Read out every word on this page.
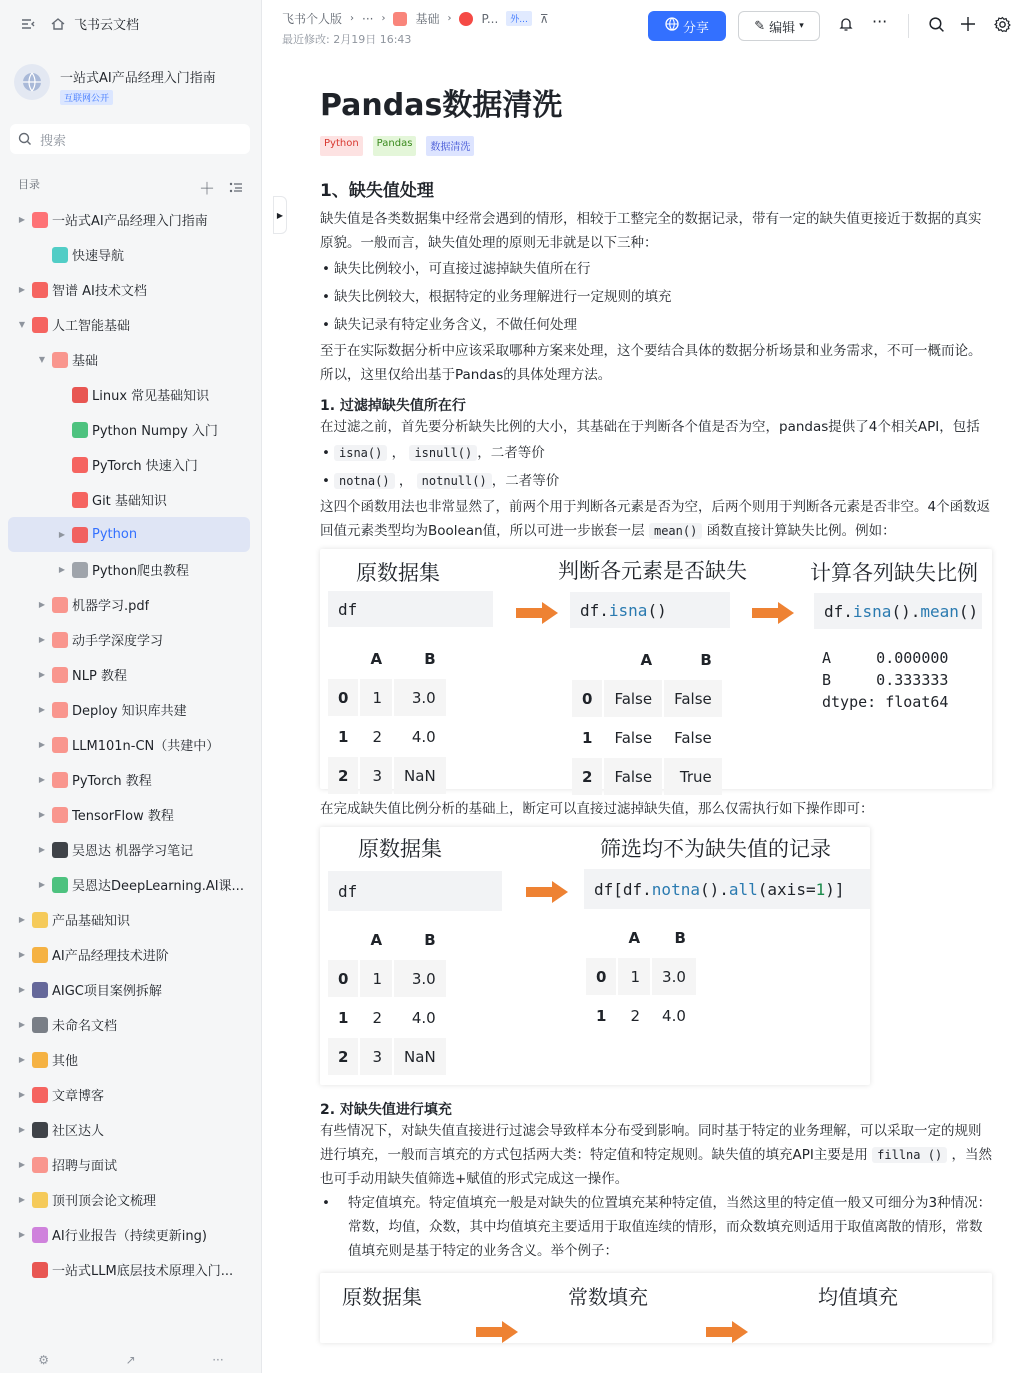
飞书云文档
一站式AI产品经理入门指南
互联网公开
搜索
目录	＋
▶ 一站式AI产品经理入门指南
快速导航
▶ 智谱 AI技术文档
▼ 人工智能基础
▼ 基础
Linux 常见基础知识
Python Numpy 入门
PyTorch 快速入门
Git 基础知识
▶ Python
▶ Python爬虫教程
▶ 机器学习.pdf
▶ 动手学深度学习
▶ NLP 教程
▶ Deploy 知识库共建
▶ LLM101n-CN（共建中）
▶ PyTorch 教程
▶ TensorFlow 教程
▶ 吴恩达 机器学习笔记
▶ 吴恩达DeepLearning.AI课...
▶ 产品基础知识
▶ AI产品经理技术进阶
▶ AIGC项目案例拆解
▶ 未命名文档
▶ 其他
▶ 文章博客
▶ 社区达人
▶ 招聘与面试
▶ 顶刊顶会论文梳理
▶ AI行业报告（持续更新ing)
一站式LLM底层技术原理入门...
⚙	↗	···
▶
飞书个人版 › ··· ›	基础 ›	P...	外...	⊼
最近修改: 2月19日 16:43
分享	✎ 编辑 ▾	···
Pandas数据清洗
Python	Pandas	数据清洗
1、缺失值处理

缺失值是各类数据集中经常会遇到的情形，相较于工整完全的数据记录，带有一定的缺失值更接近于数据的真实原貌。一般而言，缺失值处理的原则无非就是以下三种：

• 缺失比例较小，可直接过滤掉缺失值所在行
• 缺失比例较大，根据特定的业务理解进行一定规则的填充
• 缺失记录有特定业务含义，不做任何处理

至于在实际数据分析中应该采取哪种方案来处理，这个要结合具体的数据分析场景和业务需求，不可一概而论。所以，这里仅给出基于Pandas的具体处理方法。

1. 过滤掉缺失值所在行

在过滤之前，首先要分析缺失比例的大小，其基础在于判断各个值是否为空，pandas提供了4个相关API，包括

• isna() ， isnull() ，二者等价
• notna() ， notnull() ，二者等价

这四个函数用法也非常显然了，前两个用于判断各元素是否为空，后两个则用于判断各元素是否非空。4个函数返回值元素类型均为Boolean值，所以可进一步嵌套一层 mean() 函数直接计算缺失比例。例如：

原数据集	判断各元素是否缺失	计算各列缺失比例
df	df. isna ()	df. isna (). mean ()
	A	B
0	1	3.0
1	2	4.0
2	3	NaN
	A	B
0	False	False
1	False	False
2	False	True
A     0.000000
B     0.333333
dtype: float64

在完成缺失值比例分析的基础上，断定可以直接过滤掉缺失值，那么仅需执行如下操作即可：

原数据集	筛选均不为缺失值的记录
df	df[df. notna (). all (axis= 1 )]
	A	B
0	1	3.0
1	2	4.0
2	3	NaN
	A	B
0	1	3.0
1	2	4.0
2. 对缺失值进行填充

有些情况下，对缺失值直接进行过滤会导致样本分布受到影响。同时基于特定的业务理解，可以采取一定的规则进行填充，一般而言填充的方式包括两大类：特定值和特定规则。缺失值的填充API主要是用 fillna () ，当然也可手动用缺失值筛选+赋值的形式完成这一操作。

• 特定值填充。特定值填充一般是对缺失的位置填充某种特定值，当然这里的特定值一般又可细分为3种情况：常数，均值，众数，其中均值填充主要适用于取值连续的情形，而众数填充则适用于取值离散的情形，常数值填充则是基于特定的业务含义。举个例子：
原数据集	常数填充	均值填充
